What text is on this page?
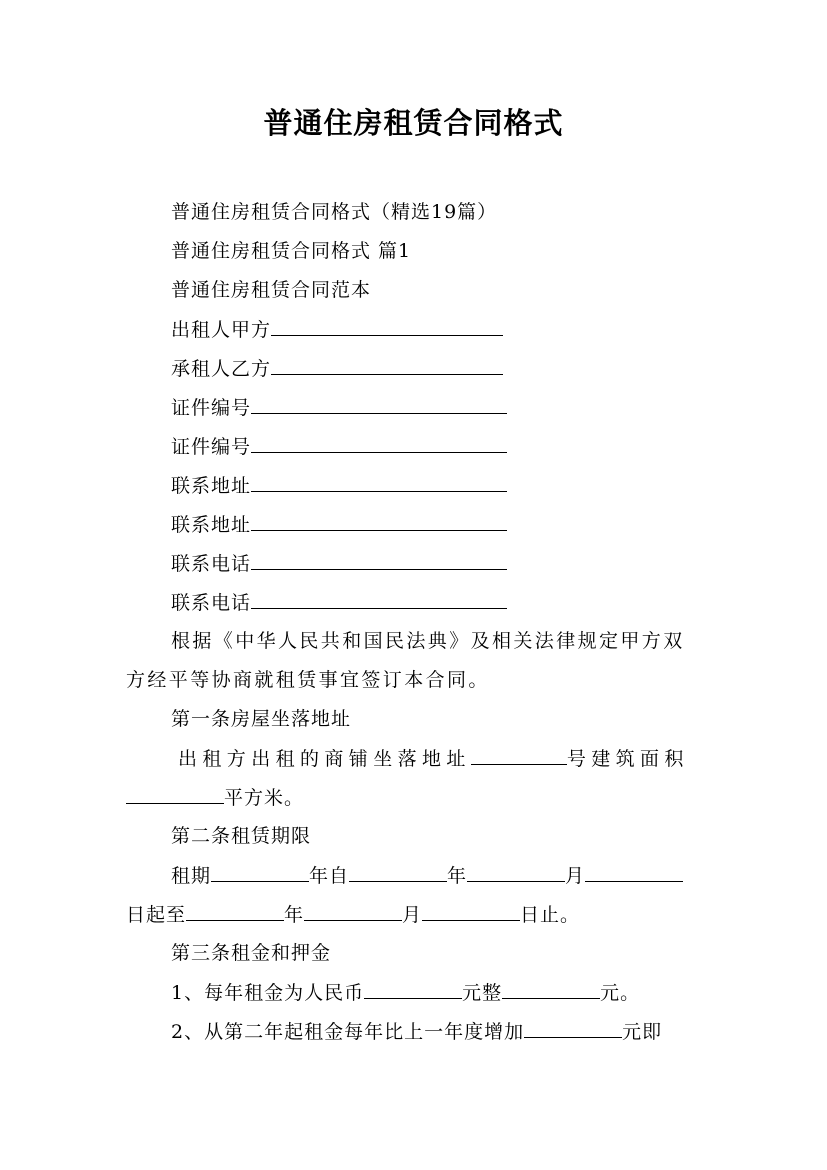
普通住房租赁合同格式
普通住房租赁合同格式（精选19篇）
普通住房租赁合同格式 篇1
普通住房租赁合同范本
出租人甲方
承租人乙方
证件编号
证件编号
联系地址
联系地址
联系电话
联系电话
根据《中华人民共和国民法典》及相关法律规定甲方双
方经平等协商就租赁事宜签订本合同。
第一条房屋坐落地址
出租方出租的商铺坐落地址	号建筑面积
平方米。
第二条租赁期限
租期	年自	年	月
日起至	年	月	日止。
第三条租金和押金
1、每年租金为人民币	元整	元。
2、从第二年起租金每年比上一年度增加	元即
